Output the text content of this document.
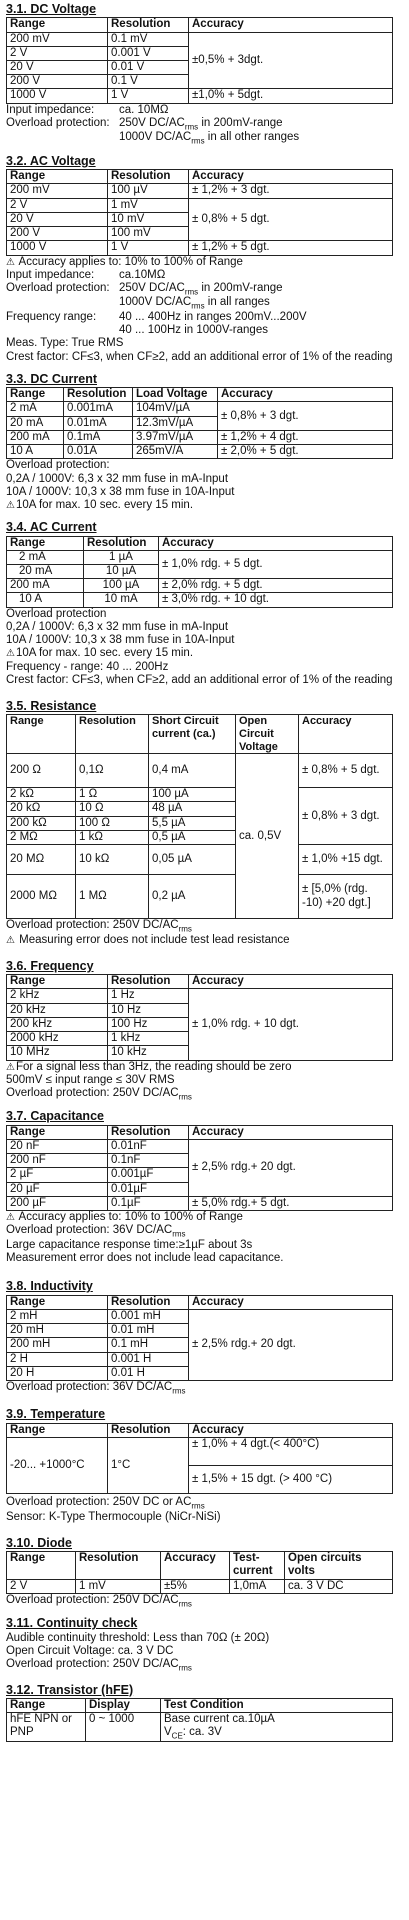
3.1. DC Voltage
Range	Resolution	Accuracy
200 mV	0.1 mV	±0,5% + 3dgt.
2 V	0.001 V	
20 V	0.01 V	
200 V	0.1 V	
1000 V	1 V	±1,0% + 5dgt.
Input impedance:	ca. 10MΩ
Overload protection: 250V $DC/AC_{rms}$ in 200mV-range
1000V $DC/AC_{rms}$ in all other ranges
3.2. AC Voltage
Range	Resolution	Accuracy
200 mV	100 µV	± 1,2% + 3 dgt.
2 V	1 mV	± 0,8% + 5 dgt.
20 V	10 mV	
200 V	100 mV	
1000 V	1 V	± 1,2% + 5 dgt.

⚠ Accuracy applies to: 10% to 100% of Range

Input impedance:	ca.10MΩ
Overload protection: 250V $DC/AC_{rms}$ in 200mV-range
1000V $DC/AC_{rms}$ in all ranges
Frequency range:	40 ... 400Hz in ranges 200mV...200V
40 ... 100Hz in 1000V-ranges

Meas. Type: True RMS

Crest factor: CF≤3, when CF≥2, add an additional error of 1% of the reading

3.3. DC Current
Range	Resolution	Load Voltage	Accuracy
2 mA	0.001mA	104mV/µA	± 0,8% + 3 dgt.
20 mA	0.01mA	12.3mV/µA	
200 mA	0.1mA	3.97mV/µA	± 1,2% + 4 dgt.
10 A	0.01A	265mV/A	± 2,0% + 5 dgt.

Overload protection:

0,2A / 1000V: 6,3 x 32 mm fuse in mA-Input

10A / 1000V: 10,3 x 38 mm fuse in 10A-Input

⚠10A for max. 10 sec. every 15 min.

3.4. AC Current
Range	Resolution	Accuracy
2 mA	1 µA	± 1,0% rdg. + 5 dgt.
20 mA	10 µA	
200 mA	100 µA	± 2,0% rdg. + 5 dgt.
10 A	10 mA	± 3,0% rdg. + 10 dgt.

Overload protection

0,2A / 1000V: 6,3 x 32 mm fuse in mA-Input

10A / 1000V: 10,3 x 38 mm fuse in 10A-Input

⚠10A for max. 10 sec. every 15 min.

Frequency - range: 40 ... 200Hz

Crest factor: CF≤3, when CF≥2, add an additional error of 1% of the reading

3.5. Resistance
Range	Resolution	Short Circuit current (ca.)	Open Circuit Voltage	Accuracy
200 Ω	0,1Ω	0,4 mA	ca. 0,5V	± 0,8% + 5 dgt.
2 kΩ	1 Ω	100 µA		± 0,8% + 3 dgt.
20 kΩ	10 Ω	48 µA		
200 kΩ	100 Ω	5,5 µA		
2 MΩ	1 kΩ	0,5 µA		
20 MΩ	10 kΩ	0,05 µA		± 1,0% +15 dgt.
2000 MΩ	1 MΩ	0,2 µA		± [5,0% (rdg. -10) +20 dgt.]

Overload protection: 250V $DC/AC_{rms}$

⚠ Measuring error does not include test lead resistance

3.6. Frequency
Range	Resolution	Accuracy
2 kHz	1 Hz	± 1,0% rdg. + 10 dgt.
20 kHz	10 Hz	
200 kHz	100 Hz	
2000 kHz	1 kHz	
10 MHz	10 kHz	

⚠For a signal less than 3Hz, the reading should be zero

500mV ≤ input range ≤ 30V RMS

Overload protection: 250V $DC/AC_{rms}$

3.7. Capacitance
Range	Resolution	Accuracy
20 nF	0.01nF	± 2,5% rdg.+ 20 dgt.
200 nF	0.1nF	
2 µF	0.001µF	
20 µF	0.01µF	
200 µF	0.1µF	± 5,0% rdg.+ 5 dgt.

⚠ Accuracy applies to: 10% to 100% of Range

Overload protection: 36V $DC/AC_{rms}$

Large capacitance response time:≥1µF about 3s

Measurement error does not include lead capacitance.

3.8. Inductivity
Range	Resolution	Accuracy
2 mH	0.001 mH	± 2,5% rdg.+ 20 dgt.
20 mH	0.01 mH	
200 mH	0.1 mH	
2 H	0.001 H	
20 H	0.01 H	

Overload protection: 36V $DC/AC_{rms}$

3.9. Temperature
Range	Resolution	Accuracy
-20... +1000°C	1°C	± 1,0% + 4 dgt.(< 400°C)
		± 1,5% + 15 dgt. (> 400 °C)

Overload protection: 250V DC or $AC_{rms}$

Sensor: K-Type Thermocouple (NiCr-NiSi)

3.10. Diode
Range	Resolution	Accuracy	Test-current	Open circuits volts
2 V	1 mV	±5%	1,0mA	ca. 3 V DC

Overload protection: 250V $DC/AC_{rms}$

3.11. Continuity check

Audible continuity threshold: Less than 70Ω (± 20Ω)

Open Circuit Voltage: ca. 3 V DC

Overload protection: 250V $DC/AC_{rms}$

3.12. Transistor (hFE)
Range	Display	Test Condition
hFE NPN or PNP	0 ~ 1000	Base current ca.10µA
		$V_{CE}$: ca. 3V
